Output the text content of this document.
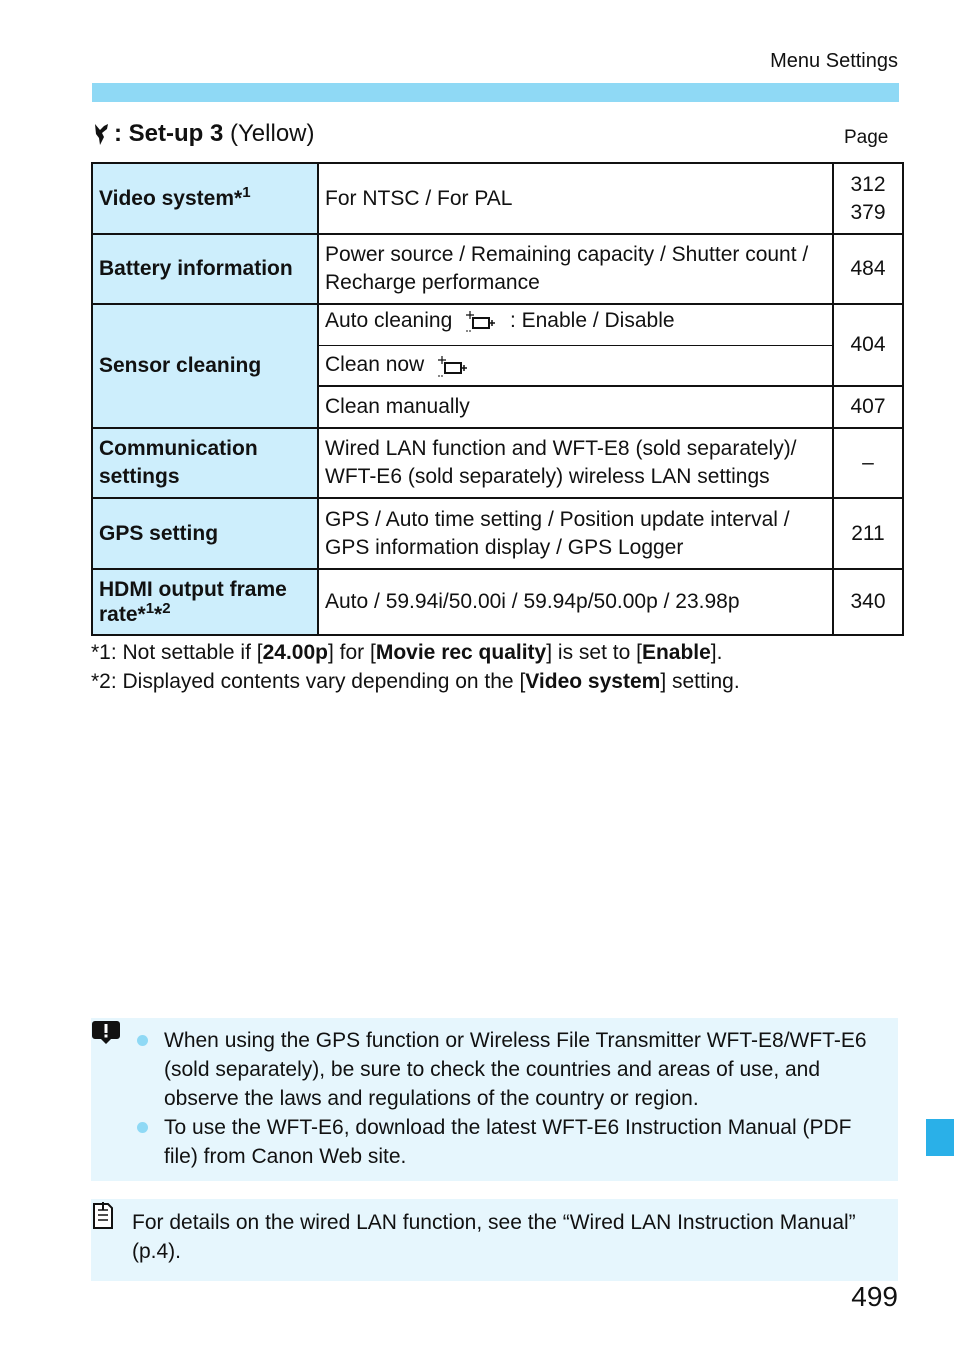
Menu Settings
: Set-up 3 (Yellow)	Page
Video system*$^1$	For NTSC / For PAL	312
379

Battery information	Power source / Remaining capacity / Shutter count / Recharge performance	484
Sensor cleaning	Auto cleaning : Enable / Disable	404
	Clean now	
	Clean manually	407
Communication settings	Wired LAN function and WFT-E8 (sold separately)/ WFT-E6 (sold separately) wireless LAN settings	–
GPS setting	GPS / Auto time setting / Position update interval / GPS information display / GPS Logger	211
HDMI output frame rate*$^1$*$^2$	Auto / 59.94i/50.00i / 59.94p/50.00p / 23.98p	340
*1: Not settable if [24.00p] for [Movie rec quality] is set to [Enable].
*2: Displayed contents vary depending on the [Video system] setting.
When using the GPS function or Wireless File Transmitter WFT-E8/WFT-E6 (sold separately), be sure to check the countries and areas of use, and observe the laws and regulations of the country or region.
To use the WFT-E6, download the latest WFT-E6 Instruction Manual (PDF file) from Canon Web site.
For details on the wired LAN function, see the “Wired LAN Instruction Manual” (p.4).
499
